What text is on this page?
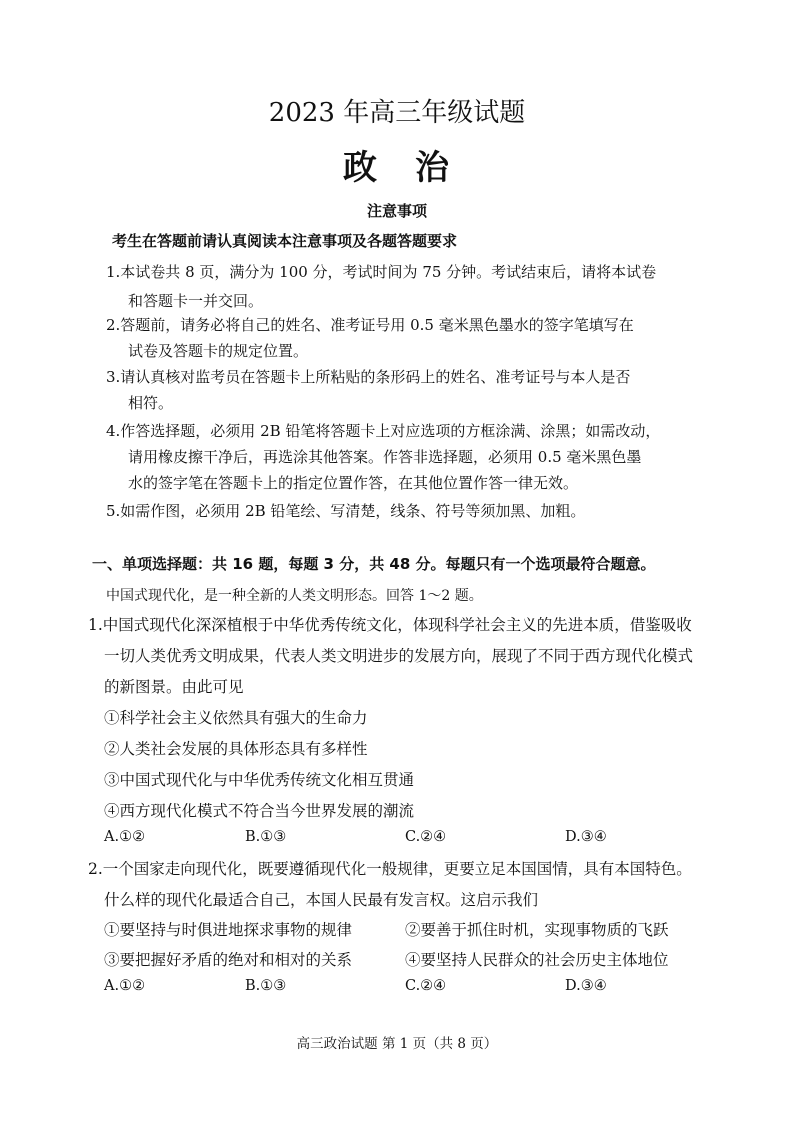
2023 年高三年级试题
政　治
注意事项
考生在答题前请认真阅读本注意事项及各题答题要求
1.本试卷共 8 页，满分为 100 分，考试时间为 75 分钟。考试结束后，请将本试卷
和答题卡一并交回。
2.答题前，请务必将自己的姓名、准考证号用 0.5 毫米黑色墨水的签字笔填写在
试卷及答题卡的规定位置。
3.请认真核对监考员在答题卡上所粘贴的条形码上的姓名、准考证号与本人是否
相符。
4.作答选择题，必须用 2B 铅笔将答题卡上对应选项的方框涂满、涂黑；如需改动，
请用橡皮擦干净后，再选涂其他答案。作答非选择题，必须用 0.5 毫米黑色墨
水的签字笔在答题卡上的指定位置作答，在其他位置作答一律无效。
5.如需作图，必须用 2B 铅笔绘、写清楚，线条、符号等须加黑、加粗。
一、单项选择题：共 16 题，每题 3 分，共 48 分。每题只有一个选项最符合题意。
中国式现代化，是一种全新的人类文明形态。回答 1～2 题。
1.中国式现代化深深植根于中华优秀传统文化，体现科学社会主义的先进本质，借鉴吸收
一切人类优秀文明成果，代表人类文明进步的发展方向，展现了不同于西方现代化模式
的新图景。由此可见
①科学社会主义依然具有强大的生命力
②人类社会发展的具体形态具有多样性
③中国式现代化与中华优秀传统文化相互贯通
④西方现代化模式不符合当今世界发展的潮流
A.①②	B.①③	C.②④	D.③④
2.一个国家走向现代化，既要遵循现代化一般规律，更要立足本国国情，具有本国特色。
什么样的现代化最适合自己，本国人民最有发言权。这启示我们
①要坚持与时俱进地探求事物的规律	②要善于抓住时机，实现事物质的飞跃
③要把握好矛盾的绝对和相对的关系	④要坚持人民群众的社会历史主体地位
A.①②	B.①③	C.②④	D.③④
高三政治试题 第 1 页（共 8 页）
